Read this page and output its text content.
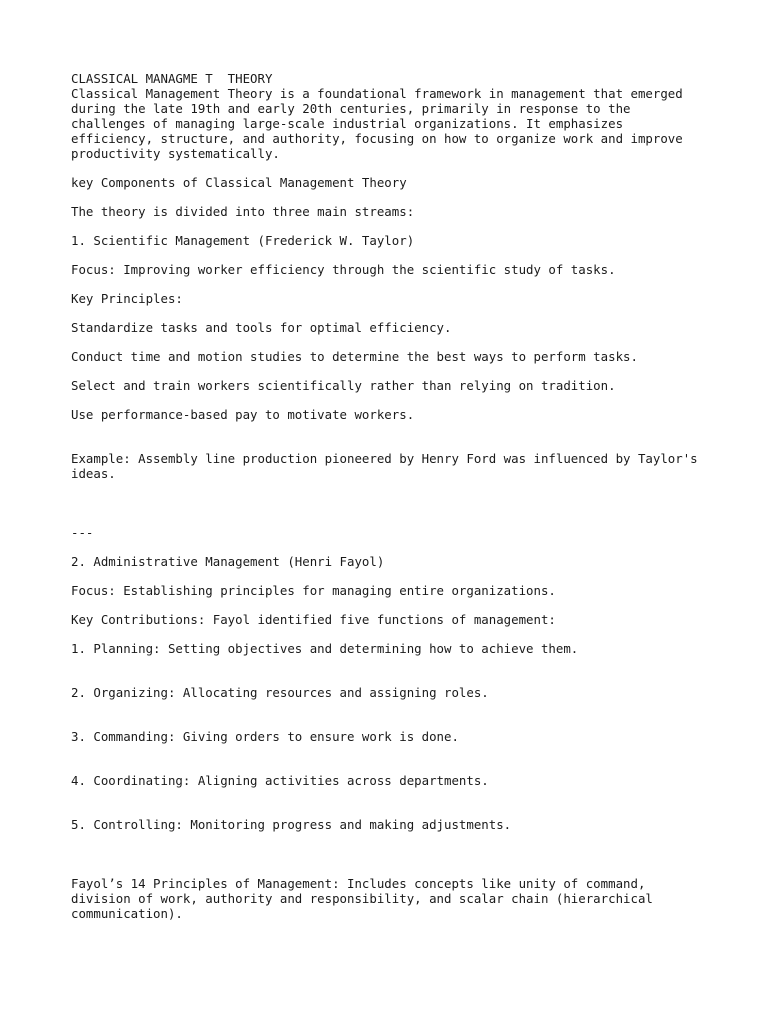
CLASSICAL MANAGME T  THEORY

Classical Management Theory is a foundational framework in management that emerged during the late 19th and early 20th centuries, primarily in response to the challenges of managing large-scale industrial organizations. It emphasizes efficiency, structure, and authority, focusing on how to organize work and improve productivity systematically.

key Components of Classical Management Theory

The theory is divided into three main streams:

1. Scientific Management (Frederick W. Taylor)

Focus: Improving worker efficiency through the scientific study of tasks.

Key Principles:

Standardize tasks and tools for optimal efficiency.

Conduct time and motion studies to determine the best ways to perform tasks.

Select and train workers scientifically rather than relying on tradition.

Use performance-based pay to motivate workers.

Example: Assembly line production pioneered by Henry Ford was influenced by Taylor's ideas.

---

2. Administrative Management (Henri Fayol)

Focus: Establishing principles for managing entire organizations.

Key Contributions: Fayol identified five functions of management:

1. Planning: Setting objectives and determining how to achieve them.

2. Organizing: Allocating resources and assigning roles.

3. Commanding: Giving orders to ensure work is done.

4. Coordinating: Aligning activities across departments.

5. Controlling: Monitoring progress and making adjustments.

Fayol’s 14 Principles of Management: Includes concepts like unity of command, division of work, authority and responsibility, and scalar chain (hierarchical communication).
